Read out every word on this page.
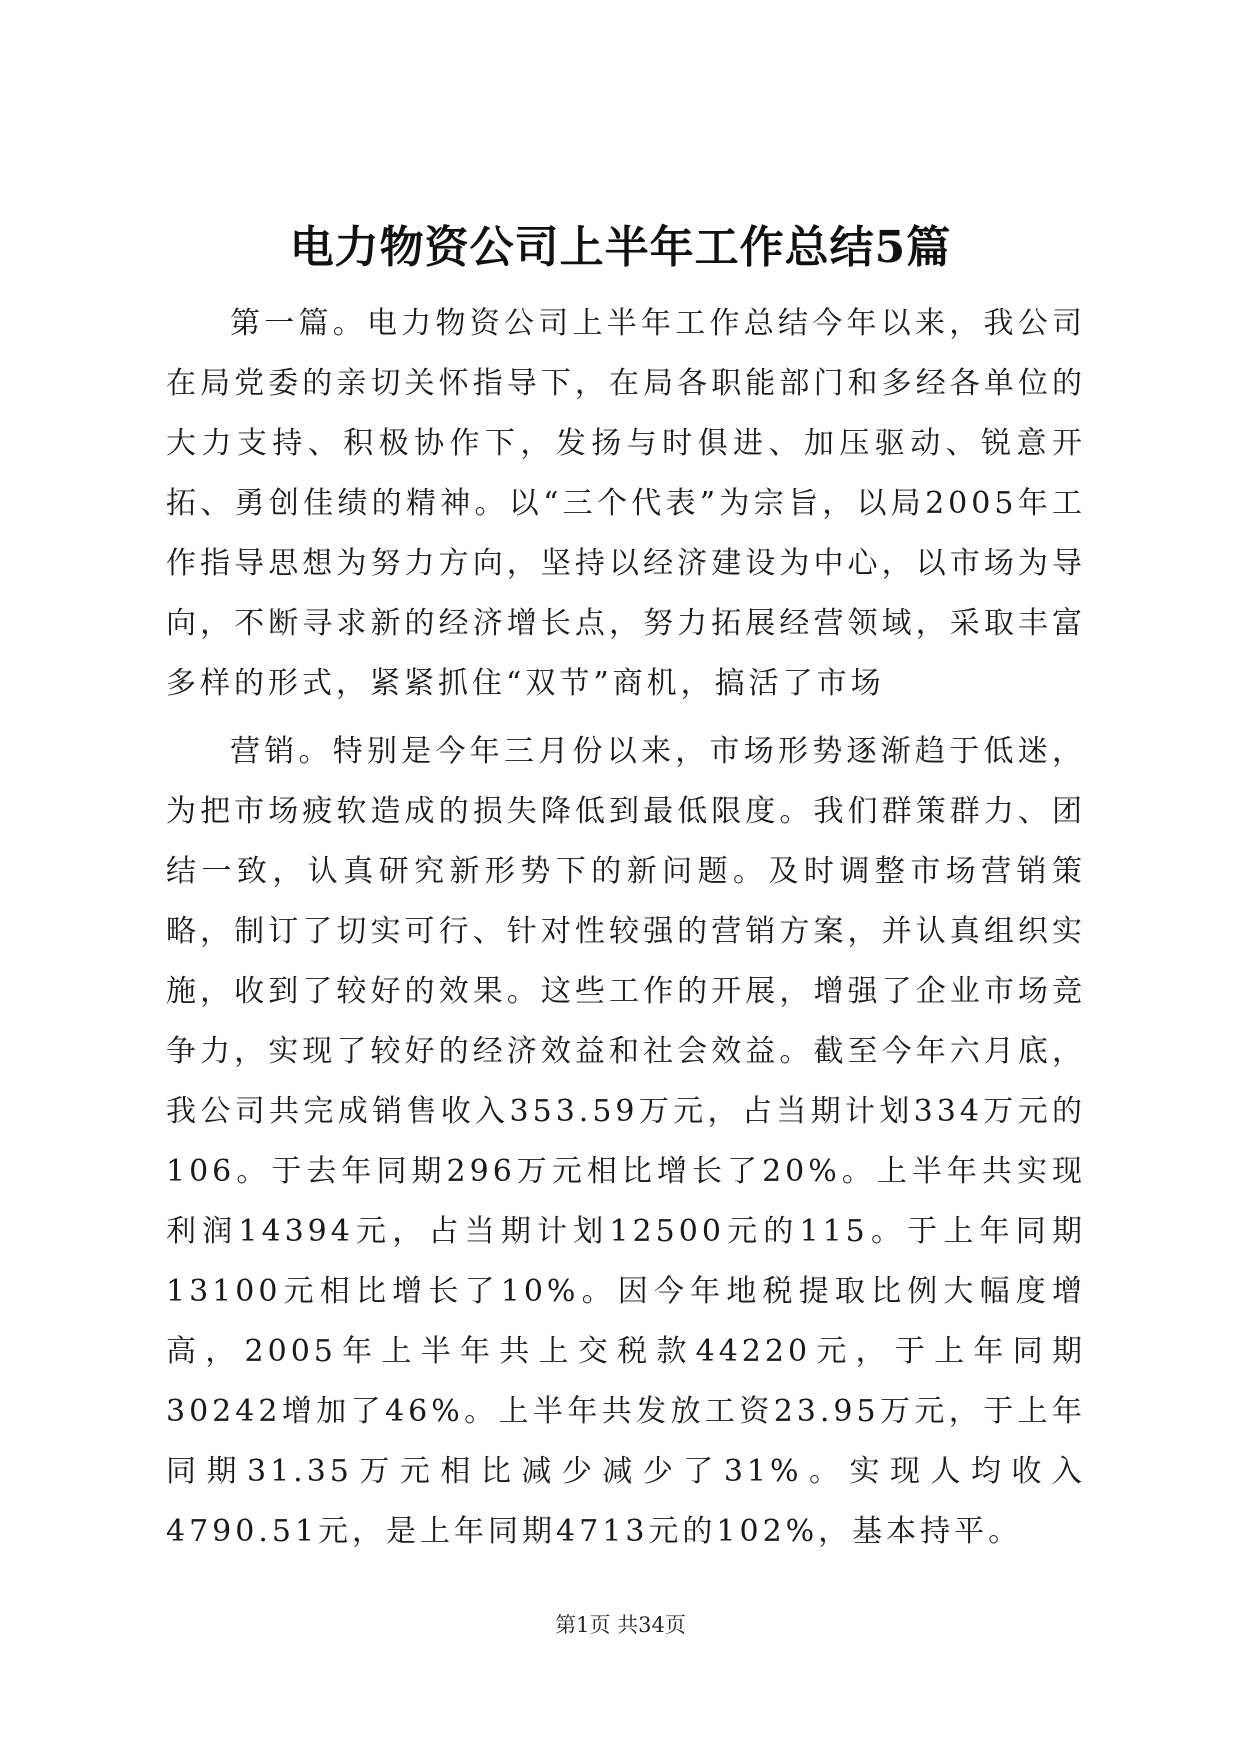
电力物资公司上半年工作总结5篇

第一篇。电力物资公司上半年工作总结今年以来，我公司在局党委的亲切关怀指导下，在局各职能部门和多经各单位的大力支持、积极协作下，发扬与时俱进、加压驱动、锐意开拓、勇创佳绩的精神。以“三个代表”为宗旨，以局2005年工作指导思想为努力方向，坚持以经济建设为中心，以市场为导向，不断寻求新的经济增长点，努力拓展经营领域，采取丰富多样的形式，紧紧抓住“双节”商机，搞活了市场

营销。特别是今年三月份以来，市场形势逐渐趋于低迷，为把市场疲软造成的损失降低到最低限度。我们群策群力、团结一致，认真研究新形势下的新问题。及时调整市场营销策略，制订了切实可行、针对性较强的营销方案，并认真组织实施，收到了较好的效果。这些工作的开展，增强了企业市场竞争力，实现了较好的经济效益和社会效益。截至今年六月底，我公司共完成销售收入353.59万元，占当期计划334万元的106。于去年同期296万元相比增长了20%。上半年共实现利润14394元，占当期计划12500元的115。于上年同期13100元相比增长了10%。因今年地税提取比例大幅度增高，2005年上半年共上交税款44220元，于上年同期30242增加了46%。上半年共发放工资23.95万元，于上年同期31.35万元相比减少减少了31%。实现人均收入4790.51元，是上年同期4713元的102%，基本持平。

第1页 共34页
